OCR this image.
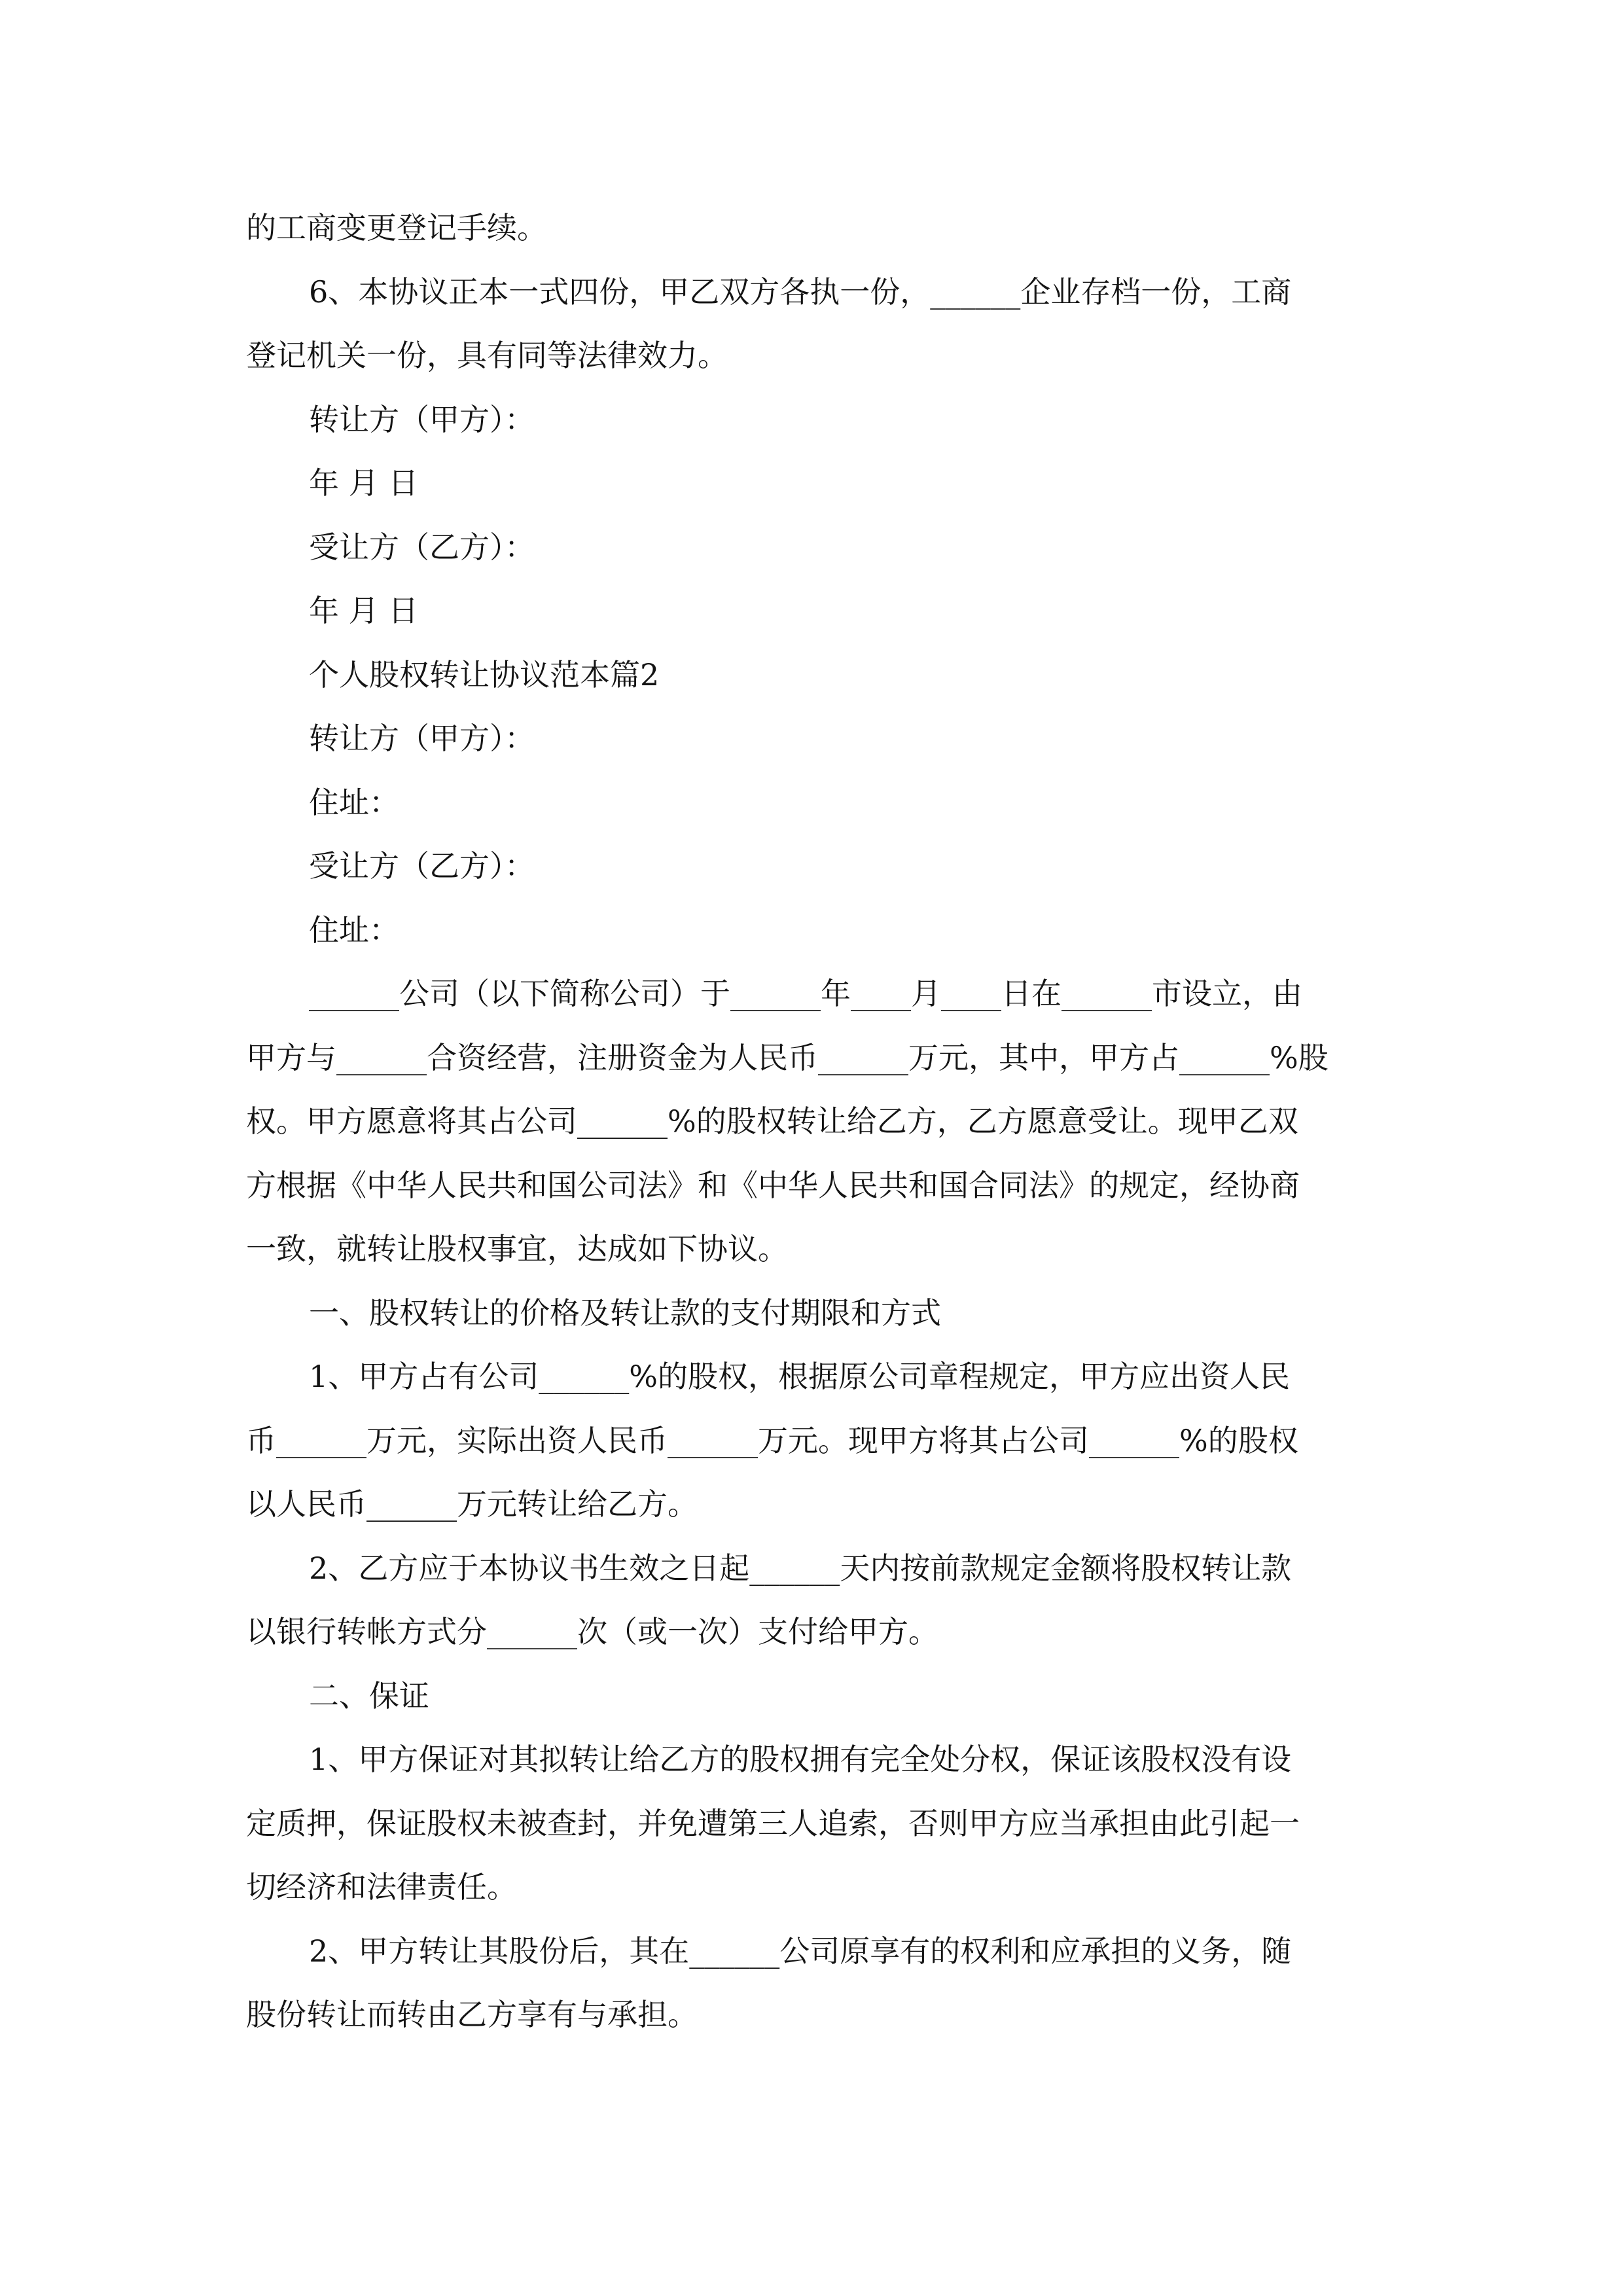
的工商变更登记手续。
6、本协议正本一式四份，甲乙双方各执一份，______企业存档一份，工商
登记机关一份，具有同等法律效力。
转让方（甲方）：
年 月 日
受让方（乙方）：
年 月 日
个人股权转让协议范本篇2
转让方（甲方）：
住址：
受让方（乙方）：
住址：
______公司（以下简称公司）于______年____月____日在______市设立，由
甲方与______合资经营，注册资金为人民币______万元，其中，甲方占______%股
权。甲方愿意将其占公司______%的股权转让给乙方，乙方愿意受让。现甲乙双
方根据《中华人民共和国公司法》和《中华人民共和国合同法》的规定，经协商
一致，就转让股权事宜，达成如下协议。
一、股权转让的价格及转让款的支付期限和方式
1、甲方占有公司______%的股权，根据原公司章程规定，甲方应出资人民
币______万元，实际出资人民币______万元。现甲方将其占公司______%的股权
以人民币______万元转让给乙方。
2、乙方应于本协议书生效之日起______天内按前款规定金额将股权转让款
以银行转帐方式分______次（或一次）支付给甲方。
二、保证
1、甲方保证对其拟转让给乙方的股权拥有完全处分权，保证该股权没有设
定质押，保证股权未被查封，并免遭第三人追索，否则甲方应当承担由此引起一
切经济和法律责任。
2、甲方转让其股份后，其在______公司原享有的权利和应承担的义务，随
股份转让而转由乙方享有与承担。
